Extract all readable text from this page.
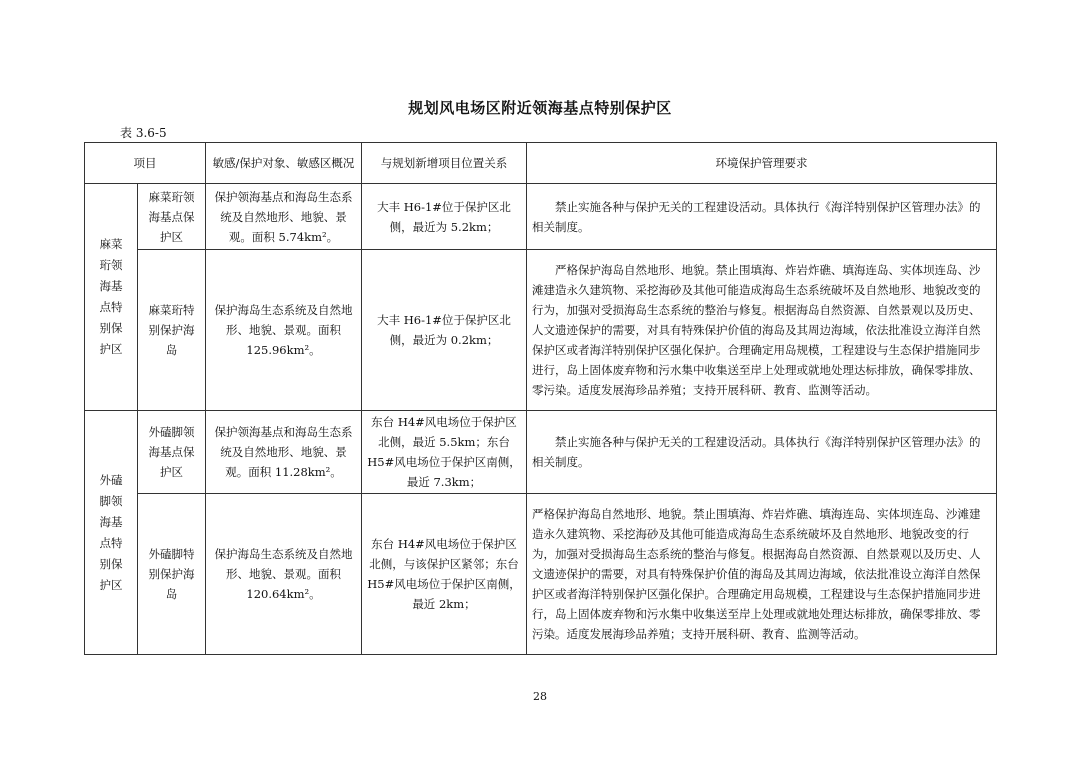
规划风电场区附近领海基点特别保护区
表 3.6-5
项目		敏感/保护对象、敏感区概况	与规划新增项目位置关系	环境保护管理要求
麻菜珩领海基点特别保护区	麻菜珩领海基点保护区	保护领海基点和海岛生态系统及自然地形、地貌、景观。面积 5.74km²。	大丰 H6-1#位于保护区北侧，最近为 5.2km；	禁止实施各种与保护无关的工程建设活动。具体执行《海洋特别保护区管理办法》的相关制度。
	麻菜珩特别保护海岛	保护海岛生态系统及自然地形、地貌、景观。面积 125.96km²。	大丰 H6-1#位于保护区北侧，最近为 0.2km；	严格保护海岛自然地形、地貌。禁止围填海、炸岩炸礁、填海连岛、实体坝连岛、沙滩建造永久建筑物、采挖海砂及其他可能造成海岛生态系统破坏及自然地形、地貌改变的行为，加强对受损海岛生态系统的整治与修复。根据海岛自然资源、自然景观以及历史、人文遗迹保护的需要，对具有特殊保护价值的海岛及其周边海域，依法批准设立海洋自然保护区或者海洋特别保护区强化保护。合理确定用岛规模，工程建设与生态保护措施同步进行，岛上固体废弃物和污水集中收集送至岸上处理或就地处理达标排放，确保零排放、零污染。适度发展海珍品养殖；支持开展科研、教育、监测等活动。
外磕脚领海基点特别保护区	外磕脚领海基点保护区	保护领海基点和海岛生态系统及自然地形、地貌、景观。面积 11.28km²。	东台 H4#风电场位于保护区北侧，最近 5.5km；东台 H5#风电场位于保护区南侧，最近 7.3km；	禁止实施各种与保护无关的工程建设活动。具体执行《海洋特别保护区管理办法》的相关制度。
	外磕脚特别保护海岛	保护海岛生态系统及自然地形、地貌、景观。面积 120.64km²。	东台 H4#风电场位于保护区北侧，与该保护区紧邻；东台 H5#风电场位于保护区南侧，最近 2km；	严格保护海岛自然地形、地貌。禁止围填海、炸岩炸礁、填海连岛、实体坝连岛、沙滩建造永久建筑物、采挖海砂及其他可能造成海岛生态系统破坏及自然地形、地貌改变的行为，加强对受损海岛生态系统的整治与修复。根据海岛自然资源、自然景观以及历史、人文遗迹保护的需要，对具有特殊保护价值的海岛及其周边海域，依法批准设立海洋自然保护区或者海洋特别保护区强化保护。合理确定用岛规模，工程建设与生态保护措施同步进行，岛上固体废弃物和污水集中收集送至岸上处理或就地处理达标排放，确保零排放、零污染。适度发展海珍品养殖；支持开展科研、教育、监测等活动。
28
